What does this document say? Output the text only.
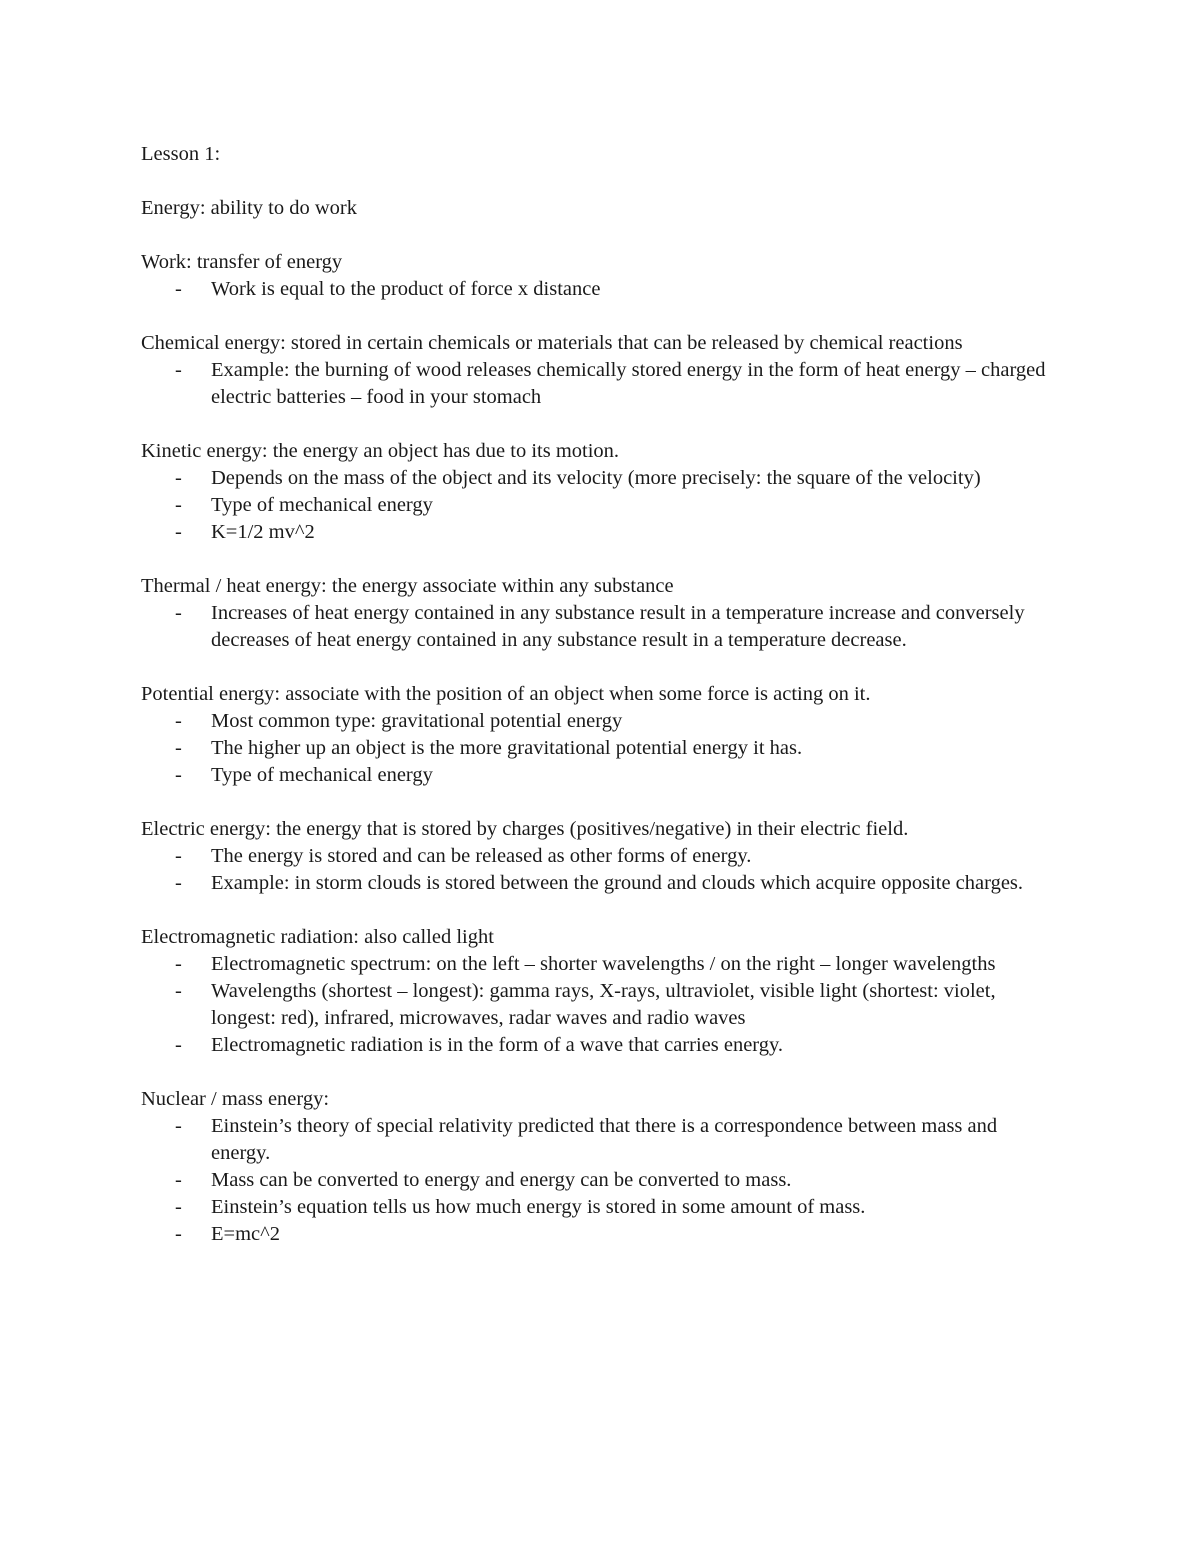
Lesson 1:

Energy: ability to do work

Work: transfer of energy

- Work is equal to the product of force x distance

Chemical energy: stored in certain chemicals or materials that can be released by chemical reactions

- Example: the burning of wood releases chemically stored energy in the form of heat energy – charged electric batteries – food in your stomach

Kinetic energy: the energy an object has due to its motion.

- Depends on the mass of the object and its velocity (more precisely: the square of the velocity)
- Type of mechanical energy
- K=1/2 mv^2

Thermal / heat energy: the energy associate within any substance

- Increases of heat energy contained in any substance result in a temperature increase and conversely decreases of heat energy contained in any substance result in a temperature decrease.

Potential energy: associate with the position of an object when some force is acting on it.

- Most common type: gravitational potential energy
- The higher up an object is the more gravitational potential energy it has.
- Type of mechanical energy

Electric energy: the energy that is stored by charges (positives/negative) in their electric field.

- The energy is stored and can be released as other forms of energy.
- Example: in storm clouds is stored between the ground and clouds which acquire opposite charges.

Electromagnetic radiation: also called light

- Electromagnetic spectrum: on the left – shorter wavelengths / on the right – longer wavelengths
- Wavelengths (shortest – longest): gamma rays, X-rays, ultraviolet, visible light (shortest: violet, longest: red), infrared, microwaves, radar waves and radio waves
- Electromagnetic radiation is in the form of a wave that carries energy.

Nuclear / mass energy:

- Einstein’s theory of special relativity predicted that there is a correspondence between mass and energy.
- Mass can be converted to energy and energy can be converted to mass.
- Einstein’s equation tells us how much energy is stored in some amount of mass.
- E=mc^2
